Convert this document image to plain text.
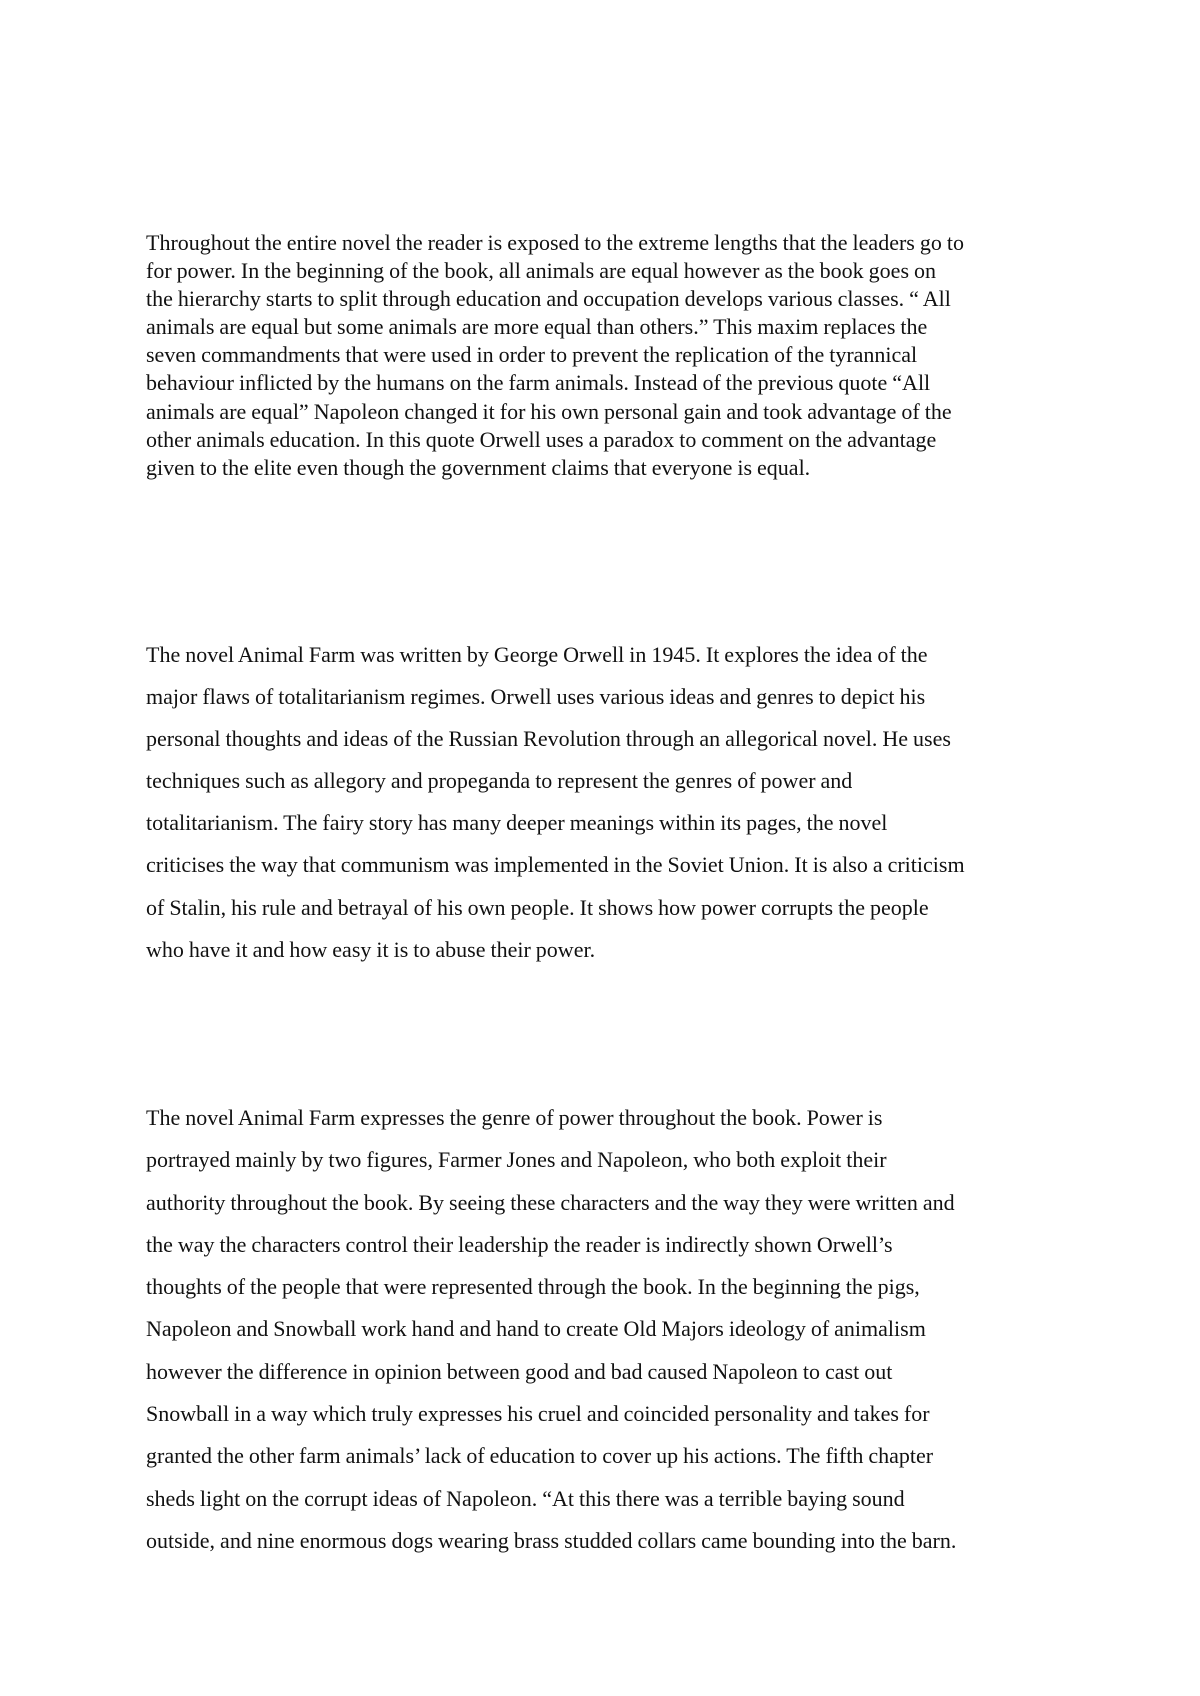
Throughout the entire novel the reader is exposed to the extreme lengths that the leaders go to
for power. In the beginning of the book, all animals are equal however as the book goes on
the hierarchy starts to split through education and occupation develops various classes. “ All
animals are equal but some animals are more equal than others.” This maxim replaces the
seven commandments that were used in order to prevent the replication of the tyrannical
behaviour inflicted by the humans on the farm animals. Instead of the previous quote “All
animals are equal” Napoleon changed it for his own personal gain and took advantage of the
other animals education. In this quote Orwell uses a paradox to comment on the advantage
given to the elite even though the government claims that everyone is equal.

The novel Animal Farm was written by George Orwell in 1945. It explores the idea of the
major flaws of totalitarianism regimes. Orwell uses various ideas and genres to depict his
personal thoughts and ideas of the Russian Revolution through an allegorical novel. He uses
techniques such as allegory and propeganda to represent the genres of power and
totalitarianism. The fairy story has many deeper meanings within its pages, the novel
criticises the way that communism was implemented in the Soviet Union. It is also a criticism
of Stalin, his rule and betrayal of his own people. It shows how power corrupts the people
who have it and how easy it is to abuse their power.

The novel Animal Farm expresses the genre of power throughout the book. Power is
portrayed mainly by two figures, Farmer Jones and Napoleon, who both exploit their
authority throughout the book. By seeing these characters and the way they were written and
the way the characters control their leadership the reader is indirectly shown Orwell’s
thoughts of the people that were represented through the book. In the beginning the pigs,
Napoleon and Snowball work hand and hand to create Old Majors ideology of animalism
however the difference in opinion between good and bad caused Napoleon to cast out
Snowball in a way which truly expresses his cruel and coincided personality and takes for
granted the other farm animals’ lack of education to cover up his actions. The fifth chapter
sheds light on the corrupt ideas of Napoleon. “At this there was a terrible baying sound
outside, and nine enormous dogs wearing brass studded collars came bounding into the barn.
